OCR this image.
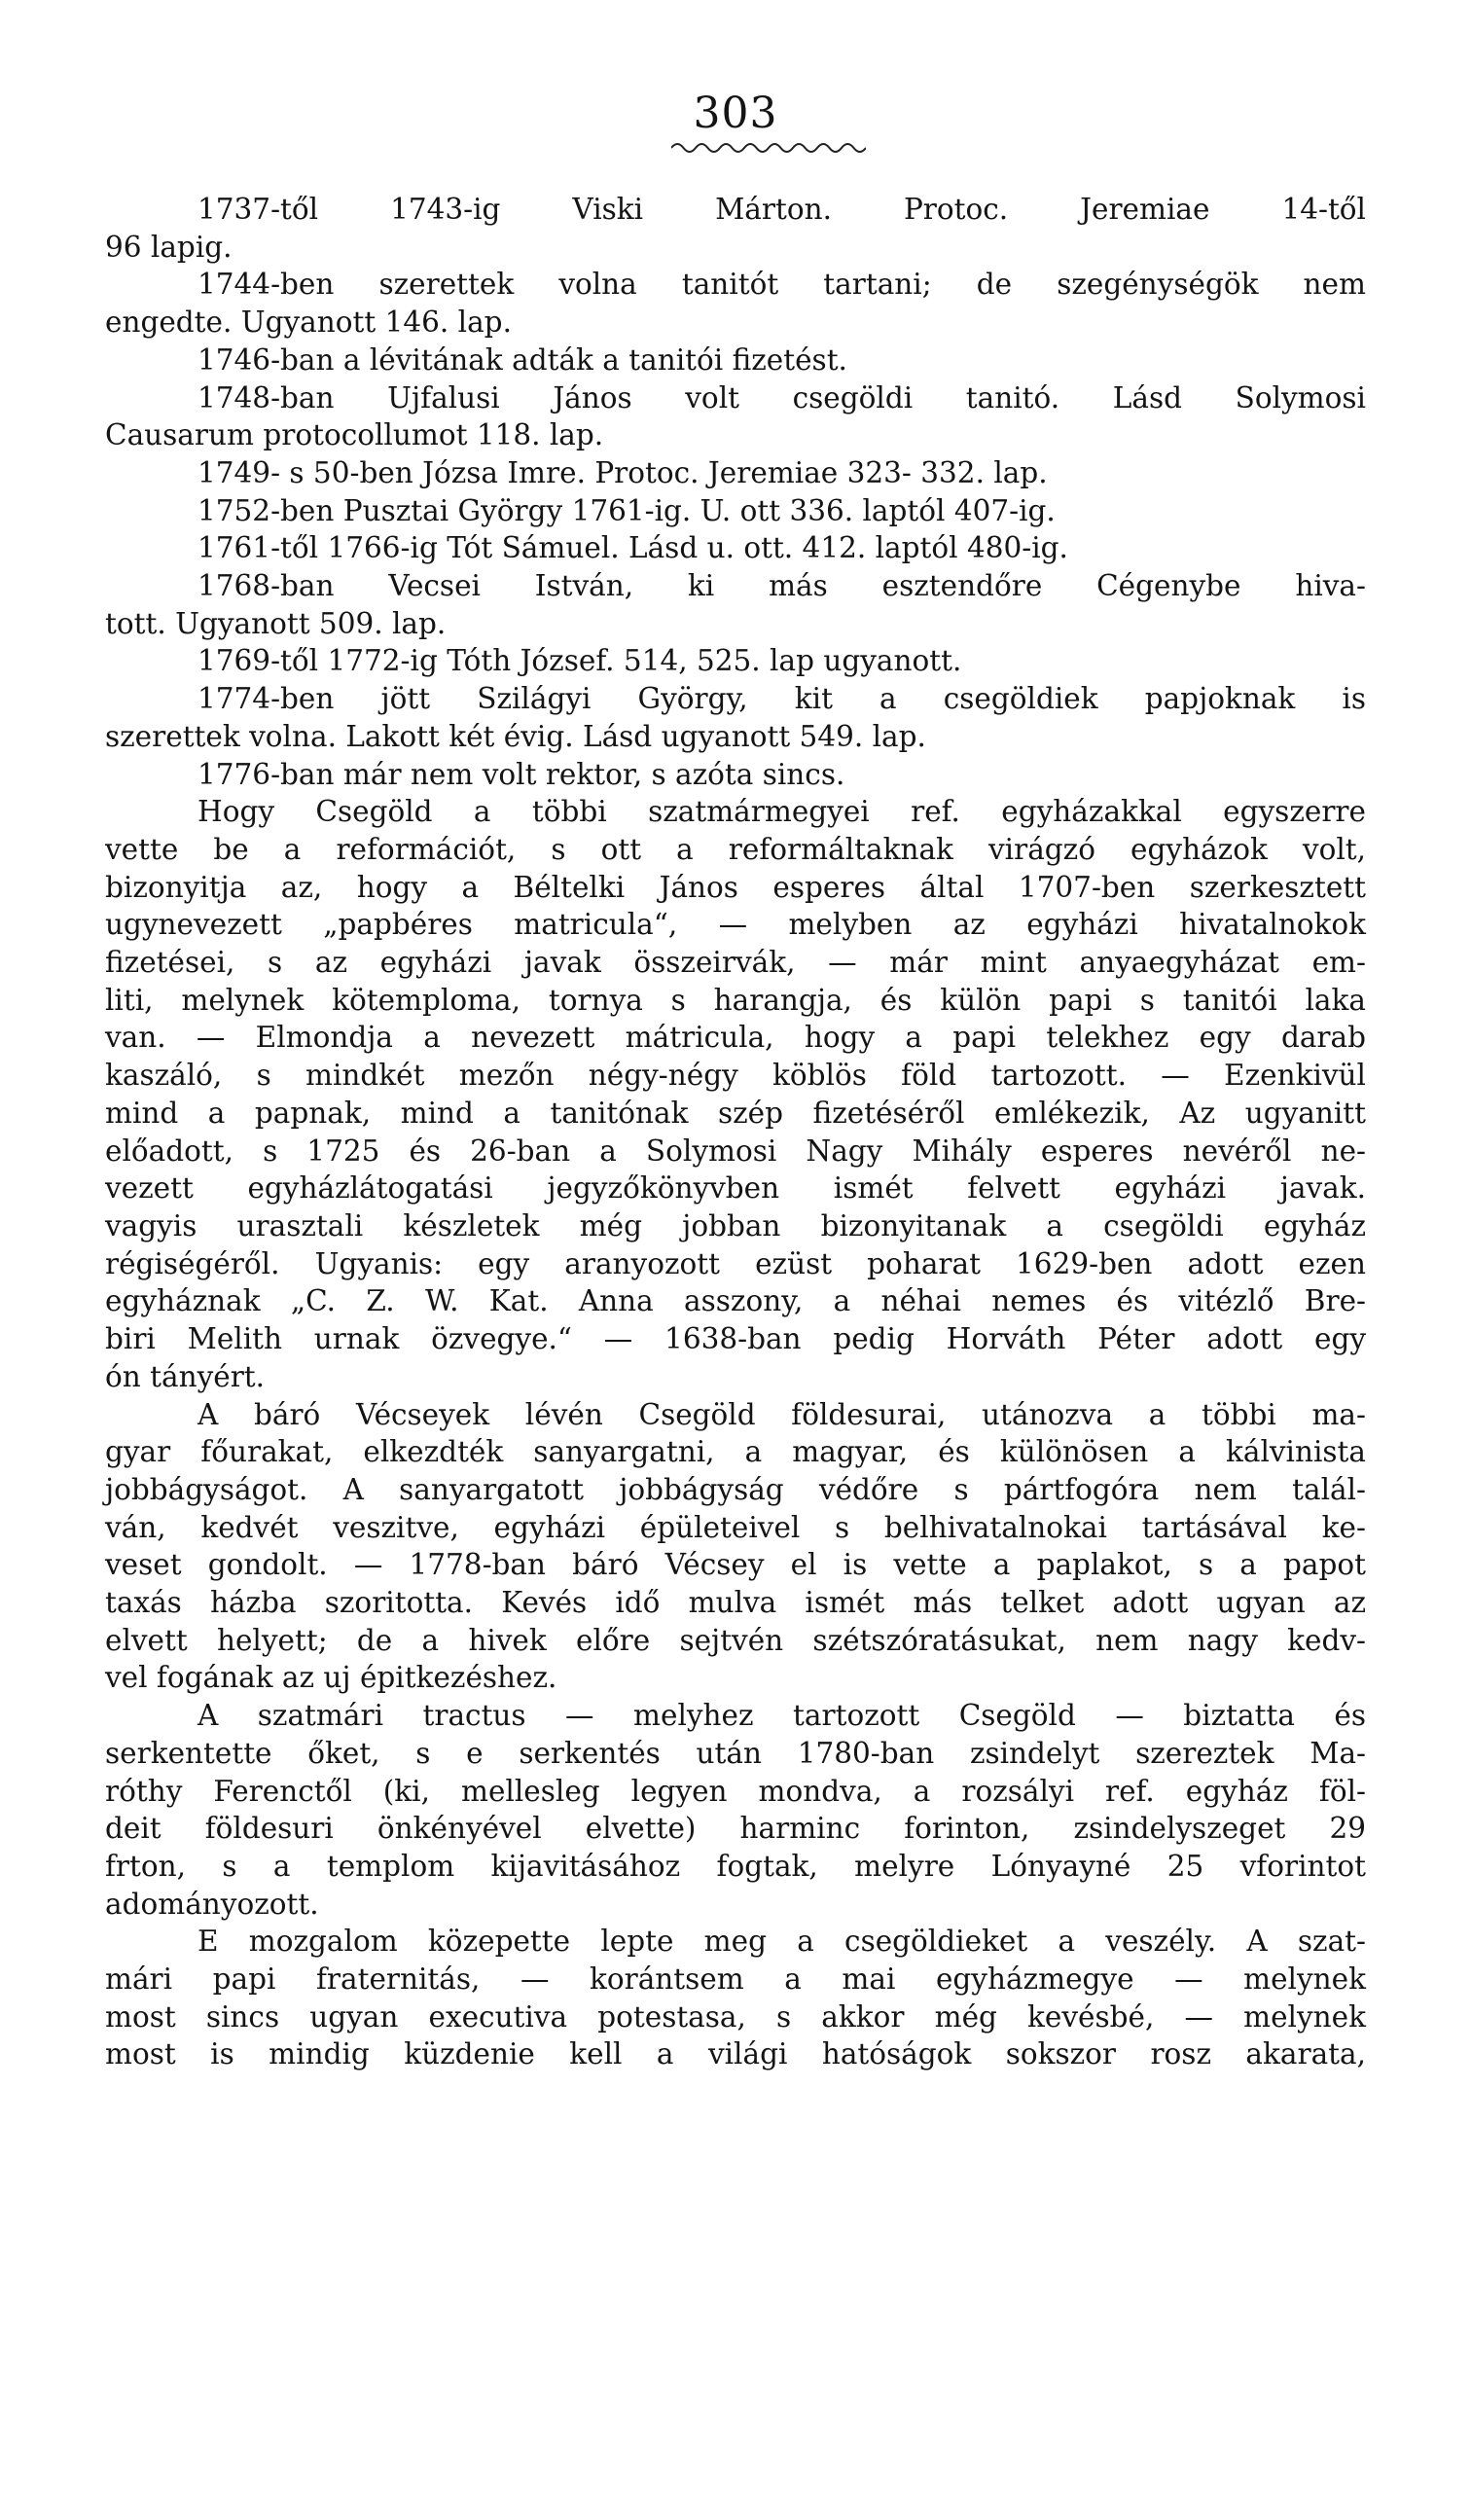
303
1737-től 1743-ig Viski Márton. Protoc. Jeremiae 14-től
96 lapig.
1744-ben szerettek volna tanitót tartani; de szegénységök nem
engedte. Ugyanott 146. lap.
1746-ban a lévitának adták a tanitói fizetést.
1748-ban Ujfalusi János volt csegöldi tanitó. Lásd Solymosi
Causarum protocollumot 118. lap.
1749- s 50-ben Józsa Imre. Protoc. Jeremiae 323- 332. lap.
1752-ben Pusztai György 1761-ig. U. ott 336. laptól 407-ig.
1761-től 1766-ig Tót Sámuel. Lásd u. ott. 412. laptól 480-ig.
1768-ban Vecsei István, ki más esztendőre Cégenybe hiva-
tott. Ugyanott 509. lap.
1769-től 1772-ig Tóth József. 514, 525. lap ugyanott.
1774-ben jött Szilágyi György, kit a csegöldiek papjoknak is
szerettek volna. Lakott két évig. Lásd ugyanott 549. lap.
1776-ban már nem volt rektor, s azóta sincs.
Hogy Csegöld a többi szatmármegyei ref. egyházakkal egyszerre
vette be a reformációt, s ott a reformáltaknak virágzó egyházok volt,
bizonyitja az, hogy a Béltelki János esperes által 1707-ben szerkesztett
ugynevezett „papbéres matricula“, — melyben az egyházi hivatalnokok
fizetései, s az egyházi javak összeirvák, — már mint anyaegyházat em-
liti, melynek kötemploma, tornya s harangja, és külön papi s tanitói laka
van. — Elmondja a nevezett mátricula, hogy a papi telekhez egy darab
kaszáló, s mindkét mezőn négy-négy köblös föld tartozott. — Ezenkivül
mind a papnak, mind a tanitónak szép fizetéséről emlékezik, Az ugyanitt
előadott, s 1725 és 26-ban a Solymosi Nagy Mihály esperes nevéről ne-
vezett egyházlátogatási jegyzőkönyvben ismét felvett egyházi javak.
vagyis urasztali készletek még jobban bizonyitanak a csegöldi egyház
régiségéről. Ugyanis: egy aranyozott ezüst poharat 1629-ben adott ezen
egyháznak „C. Z. W. Kat. Anna asszony, a néhai nemes és vitézlő Bre-
biri Melith urnak özvegye.“ — 1638-ban pedig Horváth Péter adott egy
ón tányért.
A báró Vécseyek lévén Csegöld földesurai, utánozva a többi ma-
gyar főurakat, elkezdték sanyargatni, a magyar, és különösen a kálvinista
jobbágyságot. A sanyargatott jobbágyság védőre s pártfogóra nem talál-
ván, kedvét veszitve, egyházi épületeivel s belhivatalnokai tartásával ke-
veset gondolt. — 1778-ban báró Vécsey el is vette a paplakot, s a papot
taxás házba szoritotta. Kevés idő mulva ismét más telket adott ugyan az
elvett helyett; de a hivek előre sejtvén szétszóratásukat, nem nagy kedv-
vel fogának az uj épitkezéshez.
A szatmári tractus — melyhez tartozott Csegöld — biztatta és
serkentette őket, s e serkentés után 1780-ban zsindelyt szereztek Ma-
róthy Ferenctől (ki, mellesleg legyen mondva, a rozsályi ref. egyház föl-
deit földesuri önkényével elvette) harminc forinton, zsindelyszeget 29
frton, s a templom kijavitásához fogtak, melyre Lónyayné 25 vforintot
adományozott.
E mozgalom közepette lepte meg a csegöldieket a veszély. A szat-
mári papi fraternitás, — korántsem a mai egyházmegye — melynek
most sincs ugyan executiva potestasa, s akkor még kevésbé, — melynek
most is mindig küzdenie kell a világi hatóságok sokszor rosz akarata,
